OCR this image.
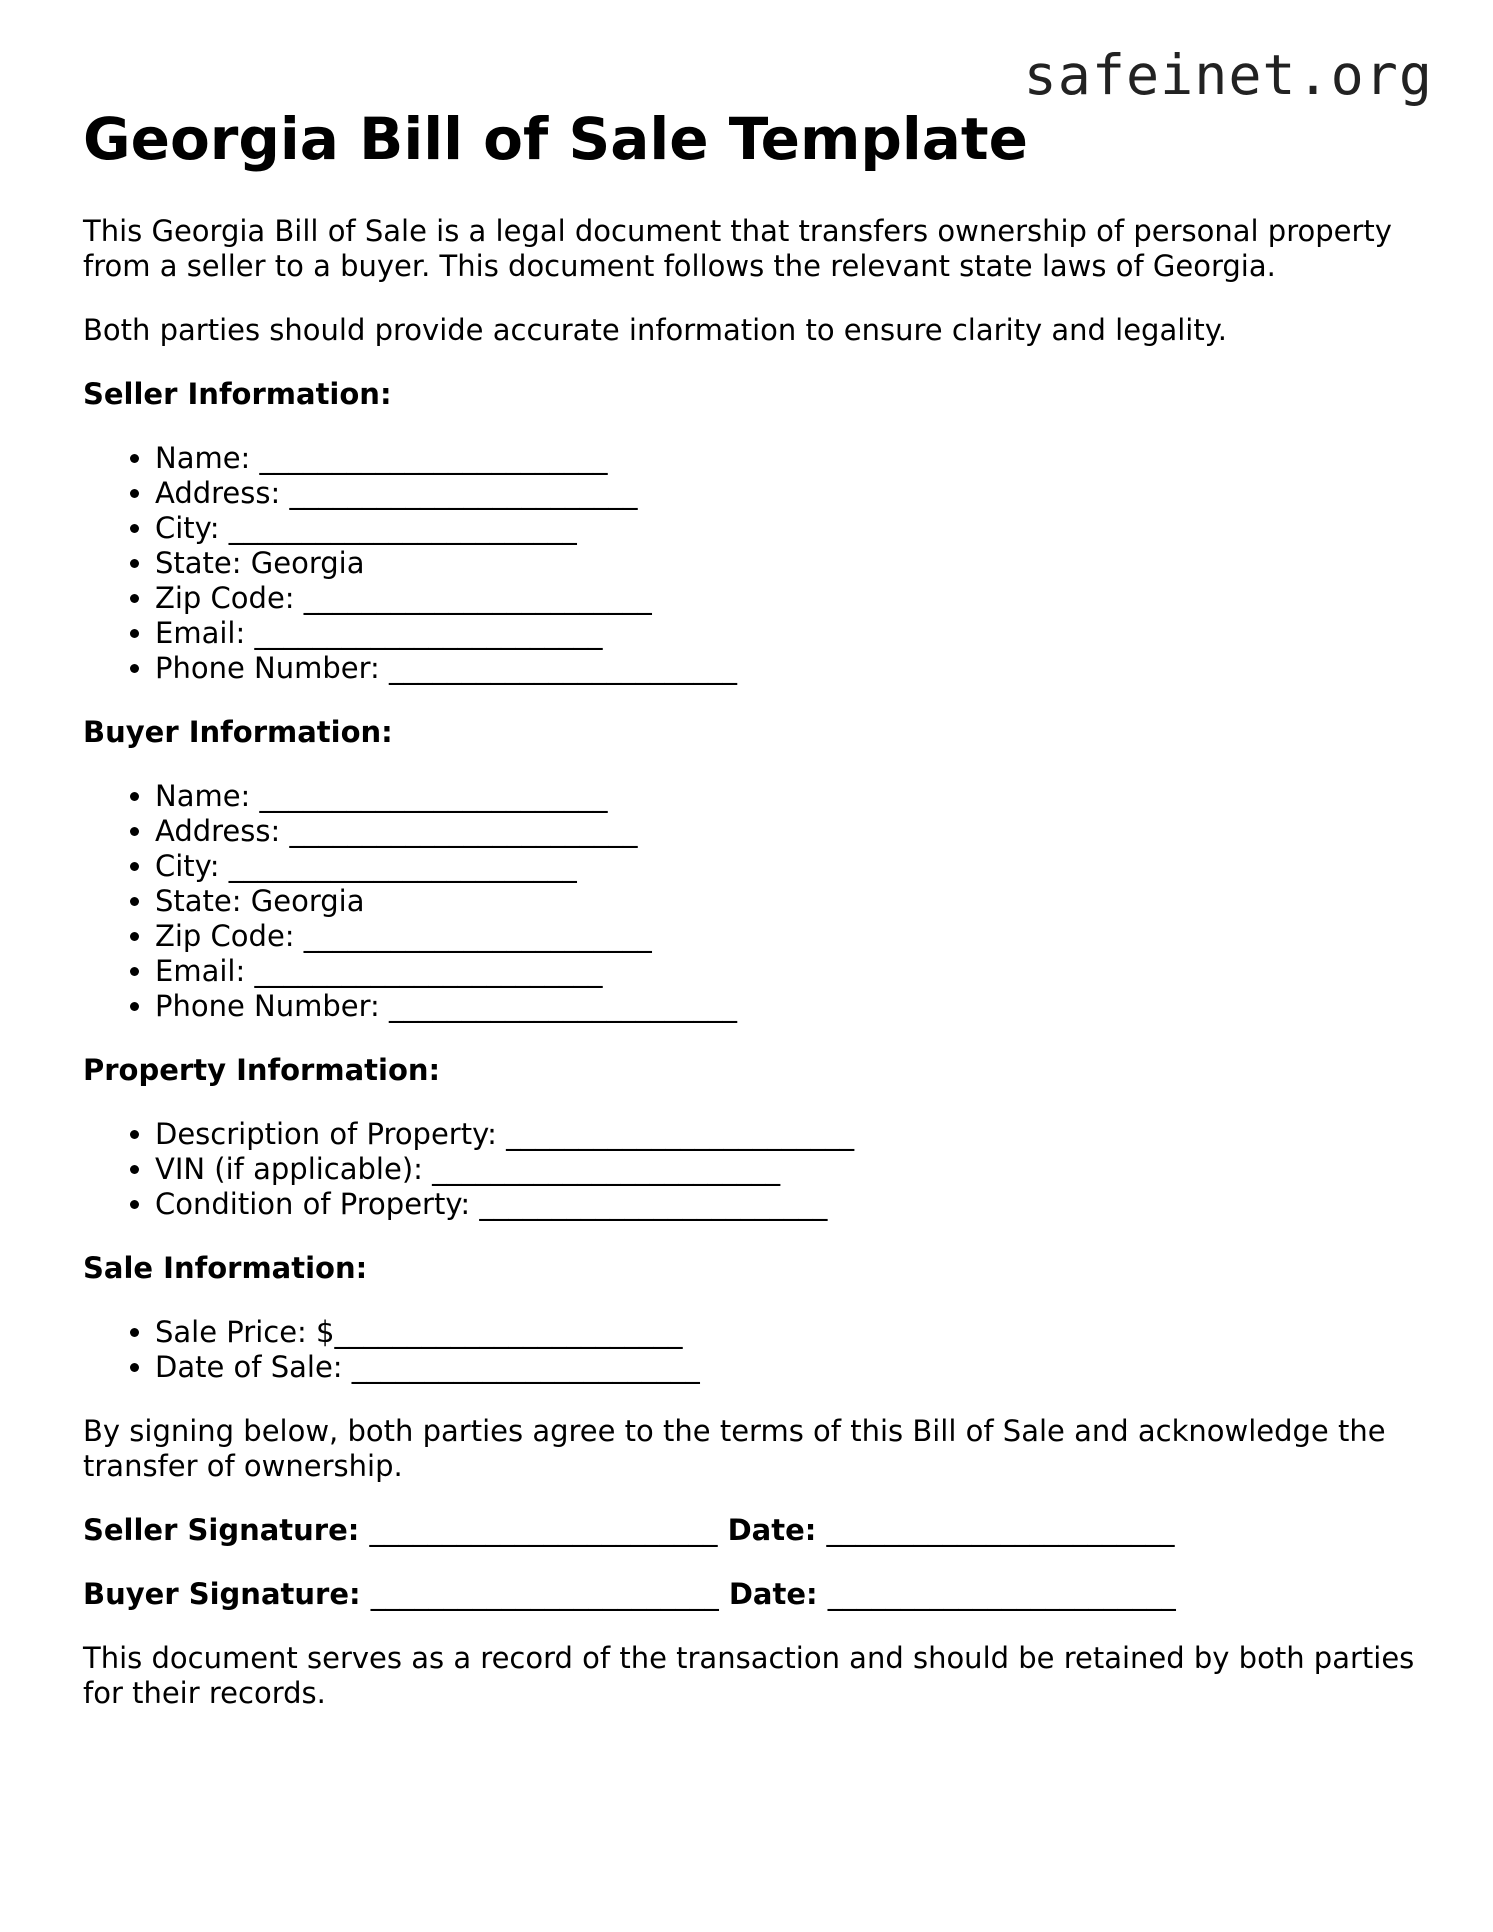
safeinet.org
Georgia Bill of Sale Template

This Georgia Bill of Sale is a legal document that transfers ownership of personal property from a seller to a buyer. This document follows the relevant state laws of Georgia.

Both parties should provide accurate information to ensure clarity and legality.

Seller Information:
• Name: ________________________
• Address: ________________________
• City: ________________________
• State: Georgia
• Zip Code: ________________________
• Email: ________________________
• Phone Number: ________________________
Buyer Information:
• Name: ________________________
• Address: ________________________
• City: ________________________
• State: Georgia
• Zip Code: ________________________
• Email: ________________________
• Phone Number: ________________________
Property Information:
• Description of Property: ________________________
• VIN (if applicable): ________________________
• Condition of Property: ________________________
Sale Information:
• Sale Price: $________________________
• Date of Sale: ________________________

By signing below, both parties agree to the terms of this Bill of Sale and acknowledge the transfer of ownership.

Seller Signature: ________________________ Date: ________________________
Buyer Signature: ________________________ Date: ________________________

This document serves as a record of the transaction and should be retained by both parties for their records.
